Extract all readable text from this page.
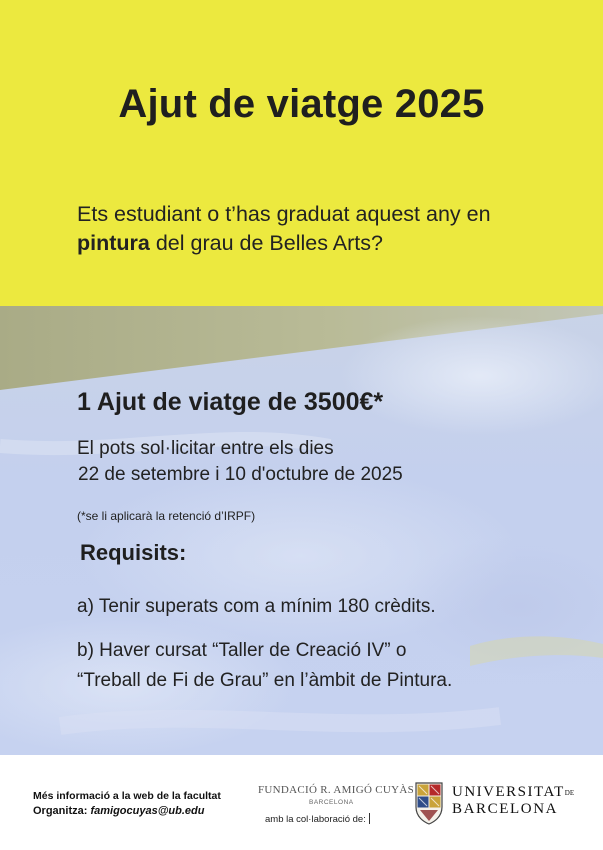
Ajut de viatge 2025
Ets estudiant o t’has graduat aquest any en pintura del grau de Belles Arts?
1 Ajut de viatge de 3500€*
El pots sol·licitar entre els dies
22 de setembre i 10 d'octubre de 2025
(*se li aplicarà la retenció d’IRPF)
Requisits:
a) Tenir superats com a mínim 180 crèdits.
b) Haver cursat “Taller de Creació IV” o
“Treball de Fi de Grau” en l’àmbit de Pintura.
Més informació a la web de la facultat
Organitza: famigocuyas@ub.edu
FUNDACIÓ R. AMIGÓ CUYÀS
BARCELONA
amb la col·laboració de:
UNIVERSITATDE
BARCELONA
